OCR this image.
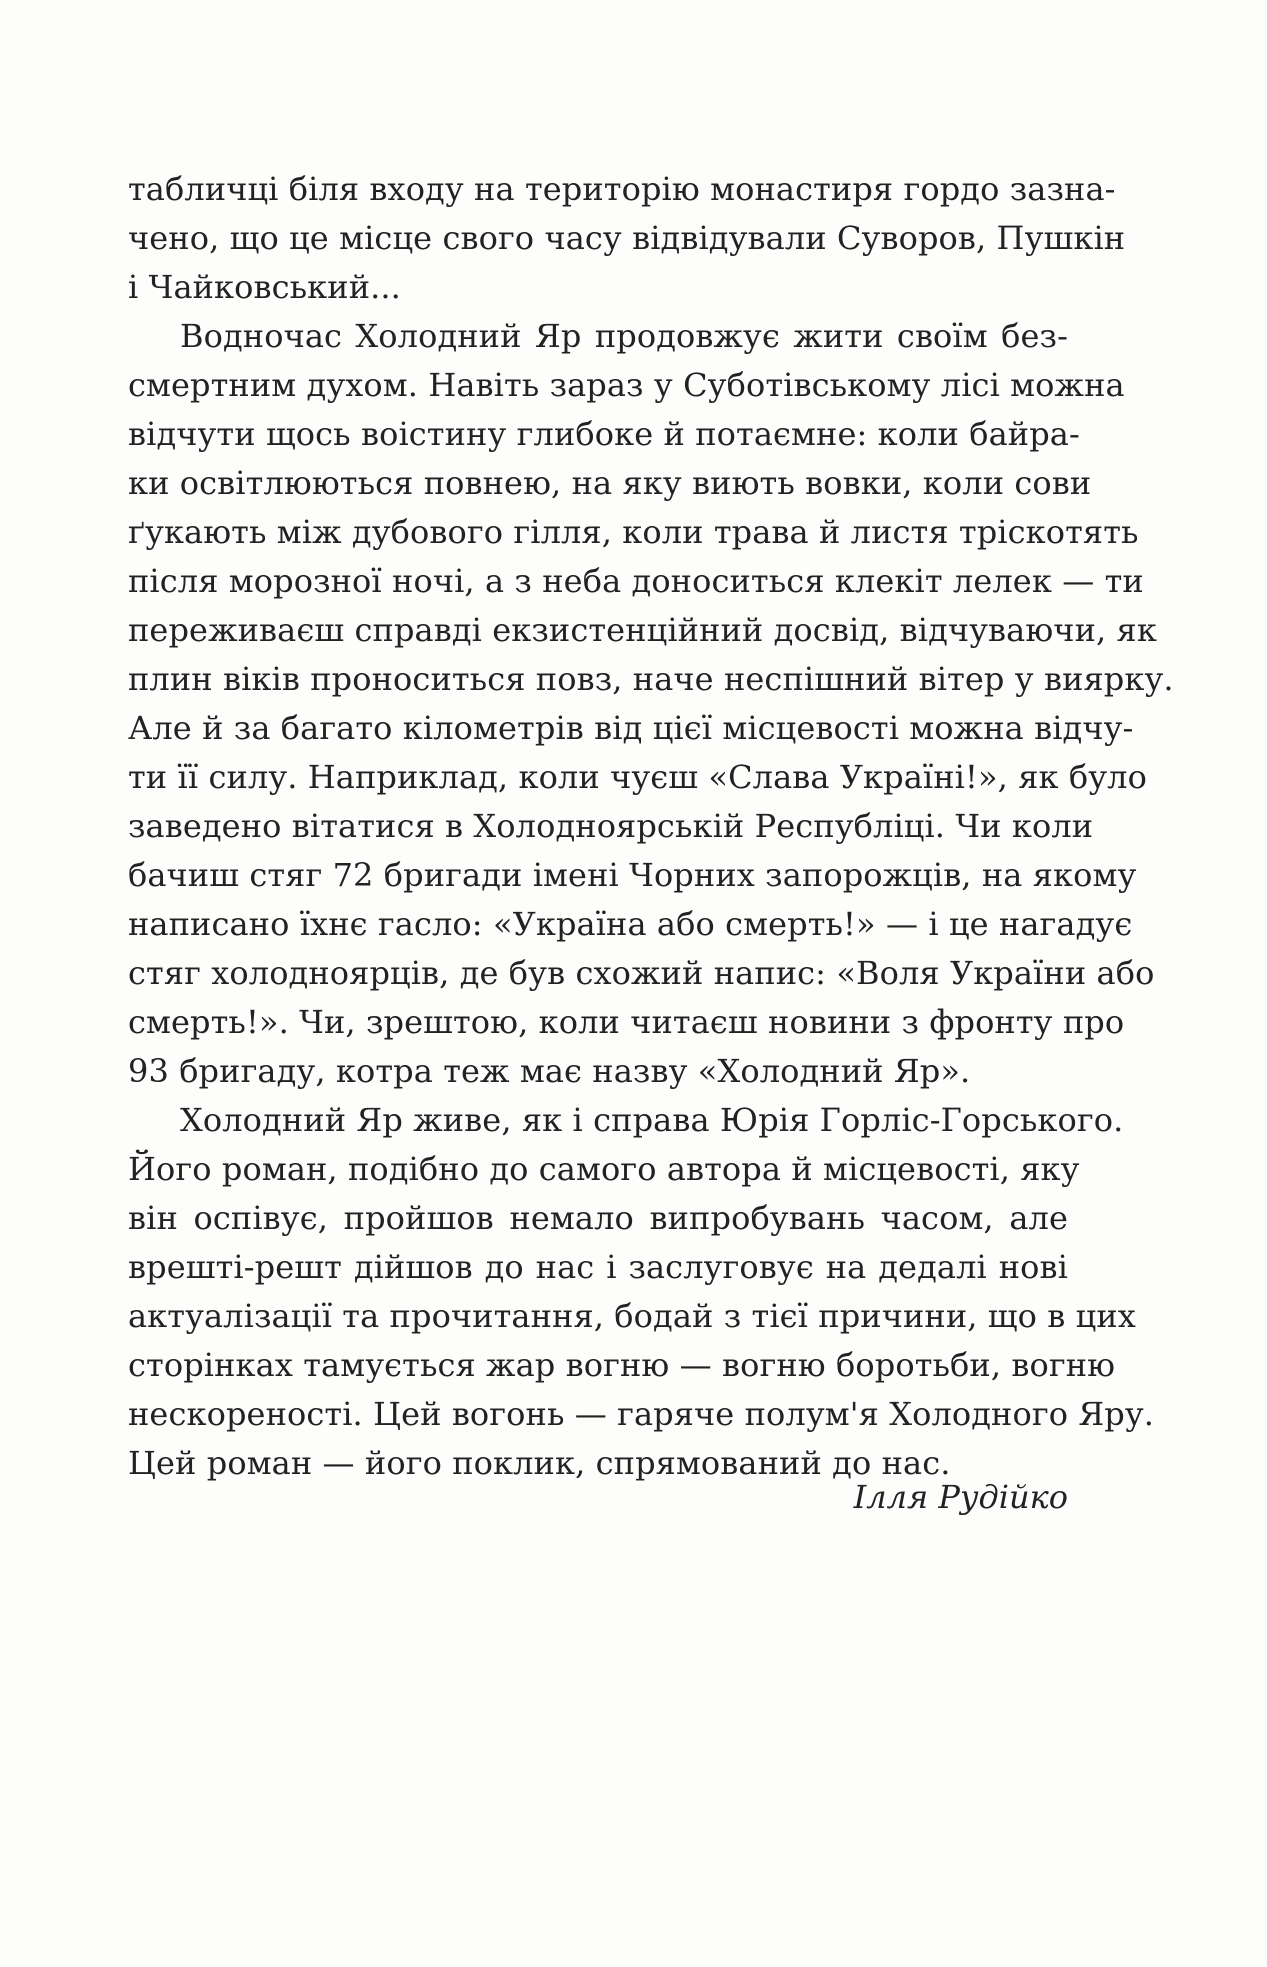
табличці біля входу на територію монастиря гордо зазна-
чено, що це місце свого часу відвідували Суворов, Пушкін
і Чайковський...
Водночас Холодний Яр продовжує жити своїм без-
смертним духом. Навіть зараз у Суботівському лісі можна
відчути щось воістину глибоке й потаємне: коли байра-
ки освітлюються повнею, на яку виють вовки, коли сови
ґукають між дубового гілля, коли трава й листя тріскотять
після морозної ночі, а з неба доноситься клекіт лелек — ти
переживаєш справді екзистенційний досвід, відчуваючи, як
плин віків проноситься повз, наче неспішний вітер у виярку.
Але й за багато кілометрів від цієї місцевості можна відчу-
ти її силу. Наприклад, коли чуєш «Слава Україні!», як було
заведено вітатися в Холодноярській Республіці. Чи коли
бачиш стяг 72 бригади імені Чорних запорожців, на якому
написано їхнє гасло: «Україна або смерть!» — і це нагадує
стяг холодноярців, де був схожий напис: «Воля України або
смерть!». Чи, зрештою, коли читаєш новини з фронту про
93 бригаду, котра теж має назву «Холодний Яр».
Холодний Яр живе, як і справа Юрія Горліс-Горського.
Його роман, подібно до самого автора й місцевості, яку
він оспівує, пройшов немало випробувань часом, але
врешті-решт дійшов до нас і заслуговує на дедалі нові
актуалізації та прочитання, бодай з тієї причини, що в цих
сторінках тамується жар вогню — вогню боротьби, вогню
нескореності. Цей вогонь — гаряче полум'я Холодного Яру.
Цей роман — його поклик, спрямований до нас.
Ілля Рудійко
